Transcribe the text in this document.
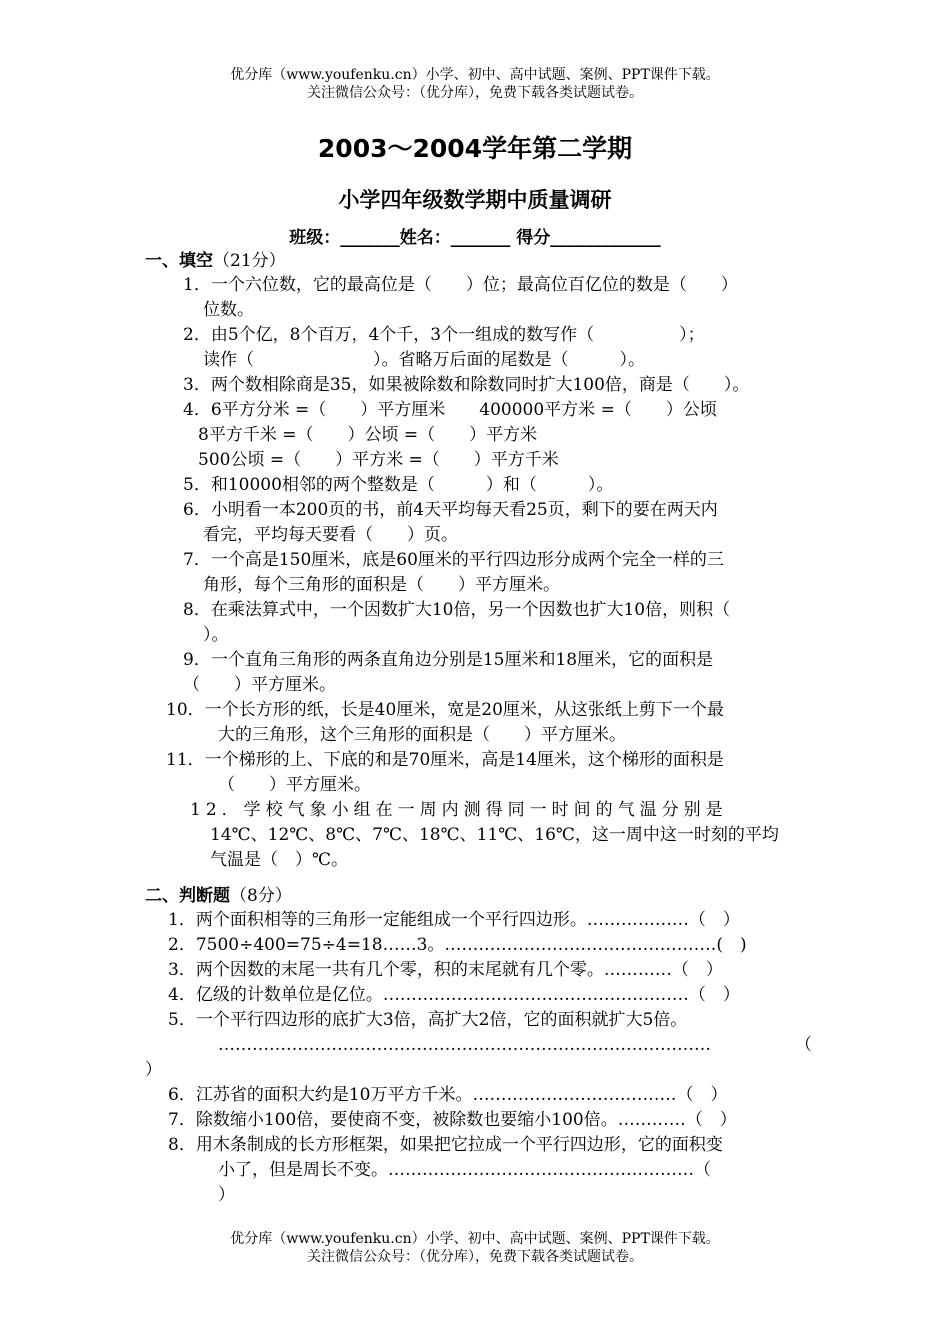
优分库（www.youfenku.cn）小学、初中、高中试题、案例、PPT课件下载。
关注微信公众号：（优分库），免费下载各类试题试卷。
2003～2004学年第二学期
小学四年级数学期中质量调研
班级：_______姓名：_______ 得分_____________
一、填空（21分）
1．一个六位数，它的最高位是（　　）位；最高位百亿位的数是（　　）
位数。
2．由5个亿，8个百万，4个千，3个一组成的数写作（　　　　　）；
读作（　　　　　　　）。省略万后面的尾数是（　　　）。
3．两个数相除商是35，如果被除数和除数同时扩大100倍，商是（　　）。
4．6平方分米 =（　　）平方厘米　　400000平方米 =（　　）公顷
8平方千米 =（　　）公顷 =（　　）平方米
500公顷 =（　　）平方米 =（　　）平方千米
5．和10000相邻的两个整数是（　　　）和（　　　）。
6．小明看一本200页的书，前4天平均每天看25页，剩下的要在两天内
看完，平均每天要看（　　）页。
7．一个高是150厘米，底是60厘米的平行四边形分成两个完全一样的三
角形，每个三角形的面积是（　　）平方厘米。
8．在乘法算式中，一个因数扩大10倍，另一个因数也扩大10倍，则积（
）。
9．一个直角三角形的两条直角边分别是15厘米和18厘米，它的面积是
（　　）平方厘米。
10．一个长方形的纸，长是40厘米，宽是20厘米，从这张纸上剪下一个最
大的三角形，这个三角形的面积是（　　）平方厘米。
11．一个梯形的上、下底的和是70厘米，高是14厘米，这个梯形的面积是
（　　）平方厘米。
12．学校气象小组在一周内测得同一时间的气温分别是
14℃、12℃、8℃、7℃、18℃、11℃、16℃，这一周中这一时刻的平均
气温是（　）℃。
二、判断题（8分）
1．两个面积相等的三角形一定能组成一个平行四边形。………………（　）
2．7500÷400=75÷4=18……3。…………………………………………(　)
3．两个因数的末尾一共有几个零，积的末尾就有几个零。…………（　）
4．亿级的计数单位是亿位。………………………………………………（　）
5．一个平行四边形的底扩大3倍，高扩大2倍，它的面积就扩大5倍。
……………………………………………………………………………	（
）
6．江苏省的面积大约是10万平方千米。………………………………（　）
7．除数缩小100倍，要使商不变，被除数也要缩小100倍。…………（　）
8．用木条制成的长方形框架，如果把它拉成一个平行四边形，它的面积变
小了，但是周长不变。………………………………………………（
）
优分库（www.youfenku.cn）小学、初中、高中试题、案例、PPT课件下载。
关注微信公众号：（优分库），免费下载各类试题试卷。
